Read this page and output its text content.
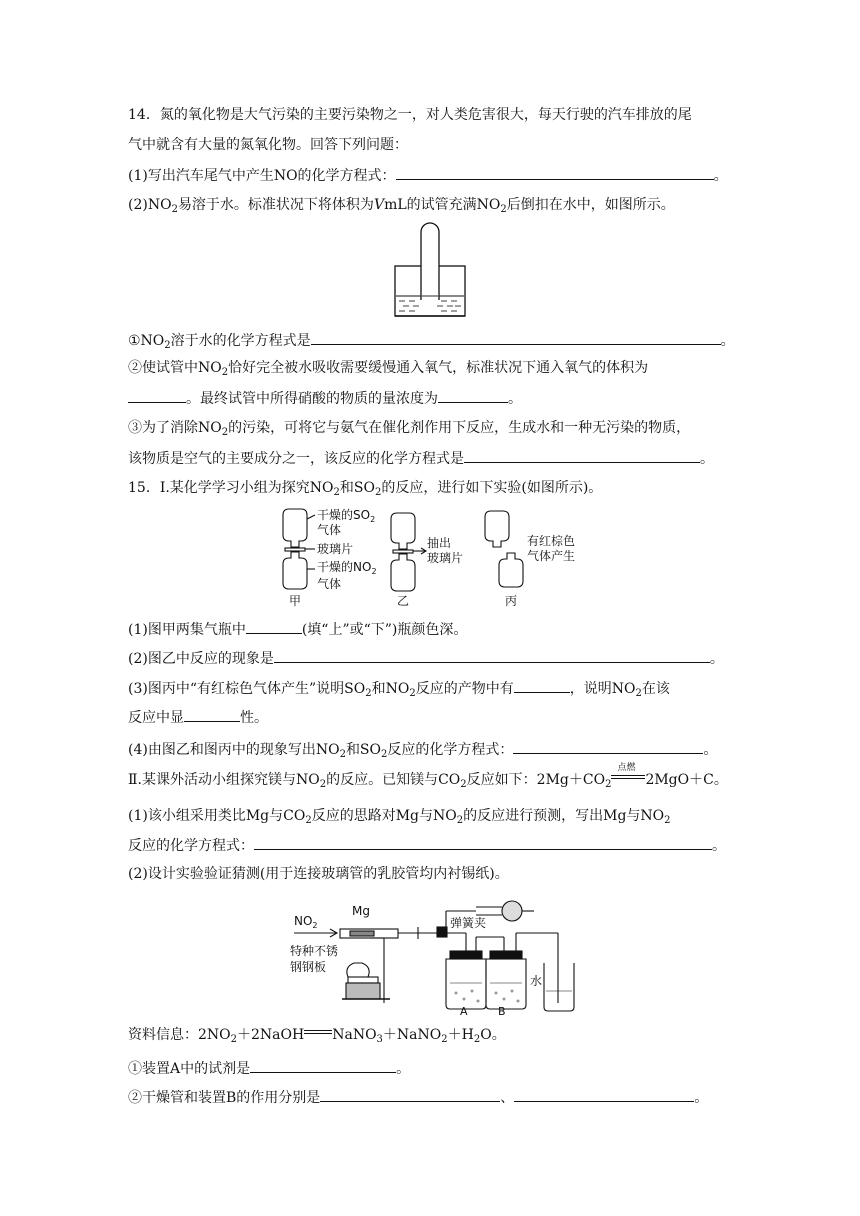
14．氮的氧化物是大气污染的主要污染物之一，对人类危害很大，每天行驶的汽车排放的尾
气中就含有大量的氮氧化物。回答下列问题：
(1)写出汽车尾气中产生NO的化学方程式：	。
$(2)NO_2$易溶于水。标准状况下将体积为VmL的试管充满$NO_2$后倒扣在水中，如图所示。
$①NO_2$溶于水的化学方程式是	。
②使试管中$NO_2$恰好完全被水吸收需要缓慢通入氧气，标准状况下通入氧气的体积为
。最终试管中所得硝酸的物质的量浓度为	。
③为了消除$NO_2$的污染，可将它与氨气在催化剂作用下反应，生成水和一种无污染的物质，
该物质是空气的主要成分之一，该反应的化学方程式是	。
15．Ⅰ.某化学学习小组为探究$NO_2$和$SO_2$的反应，进行如下实验(如图所示)。
干燥的$SO_2$
气体
玻璃片
干燥的$NO_2$
气体
抽出
玻璃片
有红棕色
气体产生
甲	乙	丙
(1)图甲两集气瓶中	(填“上”或“下”)瓶颜色深。
(2)图乙中反应的现象是	。
(3)图丙中“有红棕色气体产生”说明$SO_2$和$NO_2$反应的产物中有	，说明$NO_2$在该
反应中显	性。
(4)由图乙和图丙中的现象写出$NO_2$和$SO_2$反应的化学方程式：	。
Ⅱ.某课外活动小组探究镁与$NO_2$的反应。已知镁与$CO_2$反应如下：$2Mg+CO_2$
点燃
2MgO＋C。
(1)该小组采用类比Mg与$CO_2$反应的思路对Mg与$NO_2$的反应进行预测，写出Mg与$NO_2$
反应的化学方程式：	。
(2)设计实验验证猜测(用于连接玻璃管的乳胶管均内衬锡纸)。
$NO_2$
Mg
弹簧夹
特种不锈
钢钢板
水
A	B
资料信息：$2NO_2+2NaOH$ $NaNO_3+NaNO_2+H_2O$。
①装置A中的试剂是	。
②干燥管和装置B的作用分别是	、	。
